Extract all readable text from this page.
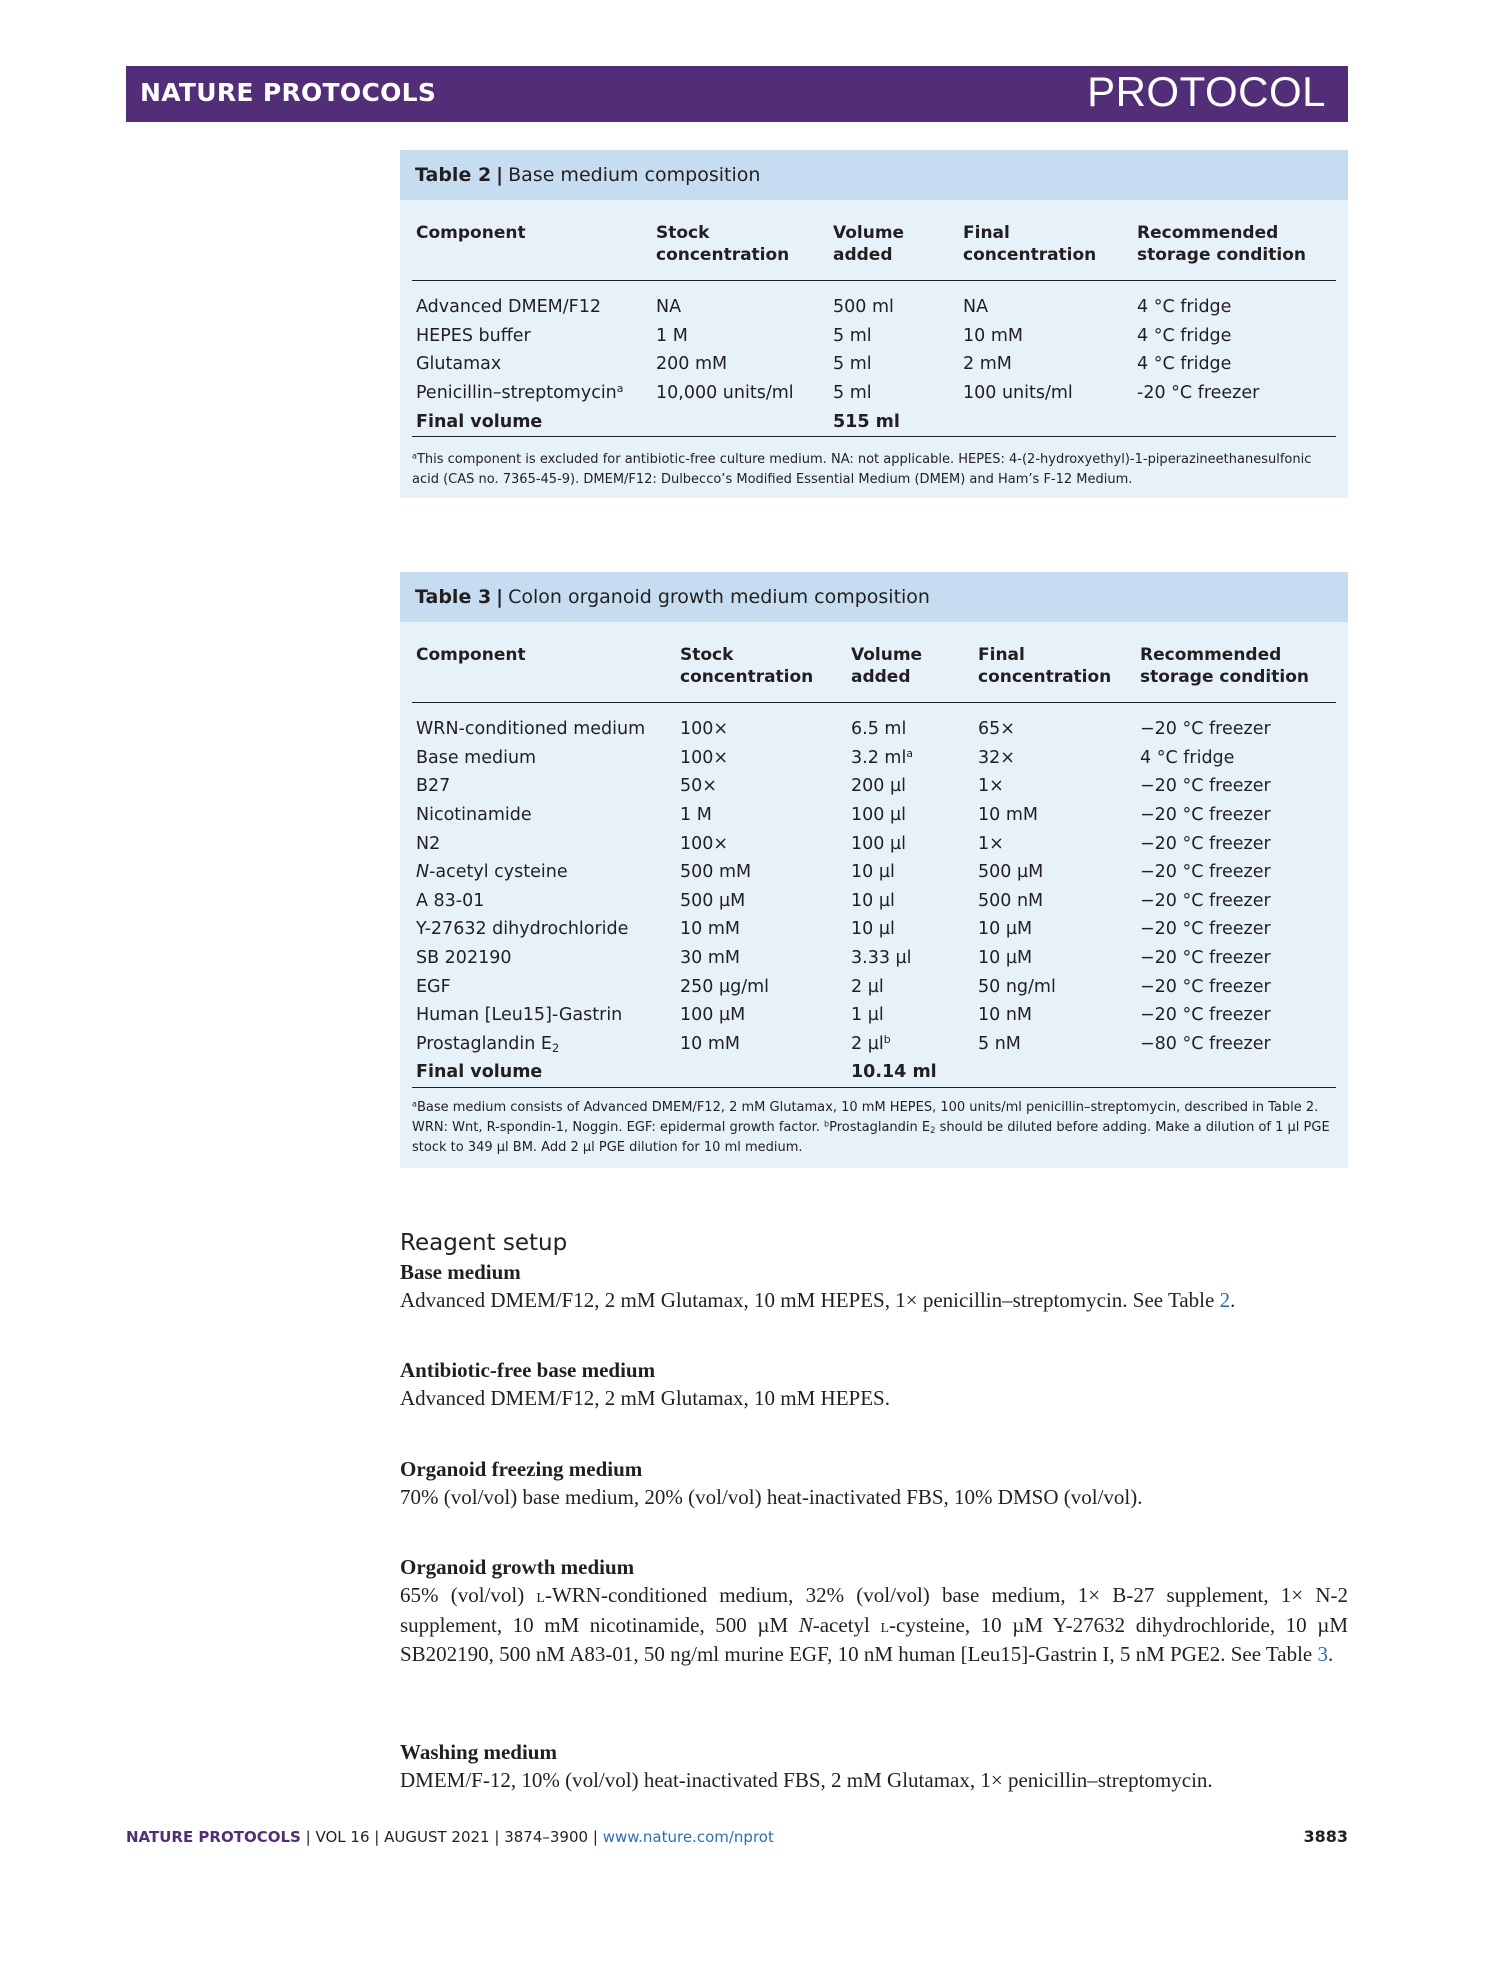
NATURE PROTOCOLS	PROTOCOL
Table 2 | Base medium composition
Component	Stock concentration	Volume added	Final concentration	Recommended storage condition
Advanced DMEM/F12	NA	500 ml	NA	4 °C fridge
HEPES buffer	1 M	5 ml	10 mM	4 °C fridge
Glutamax	200 mM	5 ml	2 mM	4 °C fridge
Penicillin–streptomycin$^a$	10,000 units/ml	5 ml	100 units/ml	-20 °C freezer
Final volume		515 ml		
$^a$This component is excluded for antibiotic-free culture medium. NA: not applicable. HEPES: 4-(2-hydroxyethyl)-1-piperazineethanesulfonic acid (CAS no. 7365-45-9). DMEM/F12: Dulbecco’s Modified Essential Medium (DMEM) and Ham’s F-12 Medium.
Table 3 | Colon organoid growth medium composition
Component	Stock concentration	Volume added	Final concentration	Recommended storage condition
WRN-conditioned medium	100×	6.5 ml	65×	−20 °C freezer
Base medium	100×	3.2 $ml^a$	32×	4 °C fridge
B27	50×	200 µl	1×	−20 °C freezer
Nicotinamide	1 M	100 µl	10 mM	−20 °C freezer
N2	100×	100 µl	1×	−20 °C freezer
N-acetyl cysteine	500 mM	10 µl	500 µM	−20 °C freezer
A 83-01	500 µM	10 µl	500 nM	−20 °C freezer
Y-27632 dihydrochloride	10 mM	10 µl	10 µM	−20 °C freezer
SB 202190	30 mM	3.33 µl	10 µM	−20 °C freezer
EGF	250 µg/ml	2 µl	50 ng/ml	−20 °C freezer
Human [Leu15]-Gastrin	100 µM	1 µl	10 nM	−20 °C freezer
Prostaglandin $E_2$	10 mM	2 µl$^b$	5 nM	−80 °C freezer
Final volume		10.14 ml		
$^a$Base medium consists of Advanced DMEM/F12, 2 mM Glutamax, 10 mM HEPES, 100 units/ml penicillin–streptomycin, described in Table 2. WRN: Wnt, R-spondin-1, Noggin. EGF: epidermal growth factor. $^b$Prostaglandin $E_2$ should be diluted before adding. Make a dilution of 1 µl PGE stock to 349 µl BM. Add 2 µl PGE dilution for 10 ml medium.
Reagent setup
Base medium
Advanced DMEM/F12, 2 mM Glutamax, 10 mM HEPES, 1× penicillin–streptomycin. See Table 2.
Antibiotic-free base medium
Advanced DMEM/F12, 2 mM Glutamax, 10 mM HEPES.
Organoid freezing medium
70% (vol/vol) base medium, 20% (vol/vol) heat-inactivated FBS, 10% DMSO (vol/vol).
Organoid growth medium
65% (vol/vol) l-WRN-conditioned medium, 32% (vol/vol) base medium, 1× B-27 supplement, 1× N-2 supplement, 10 mM nicotinamide, 500 µM N-acetyl l-cysteine, 10 µM Y-27632 dihydrochloride, 10 µM SB202190, 500 nM A83-01, 50 ng/ml murine EGF, 10 nM human [Leu15]-Gastrin I, 5 nM PGE2. See Table 3.
Washing medium
DMEM/F-12, 10% (vol/vol) heat-inactivated FBS, 2 mM Glutamax, 1× penicillin–streptomycin.
NATURE PROTOCOLS | VOL 16 | AUGUST 2021 | 3874–3900 | www.nature.com/nprot	3883
